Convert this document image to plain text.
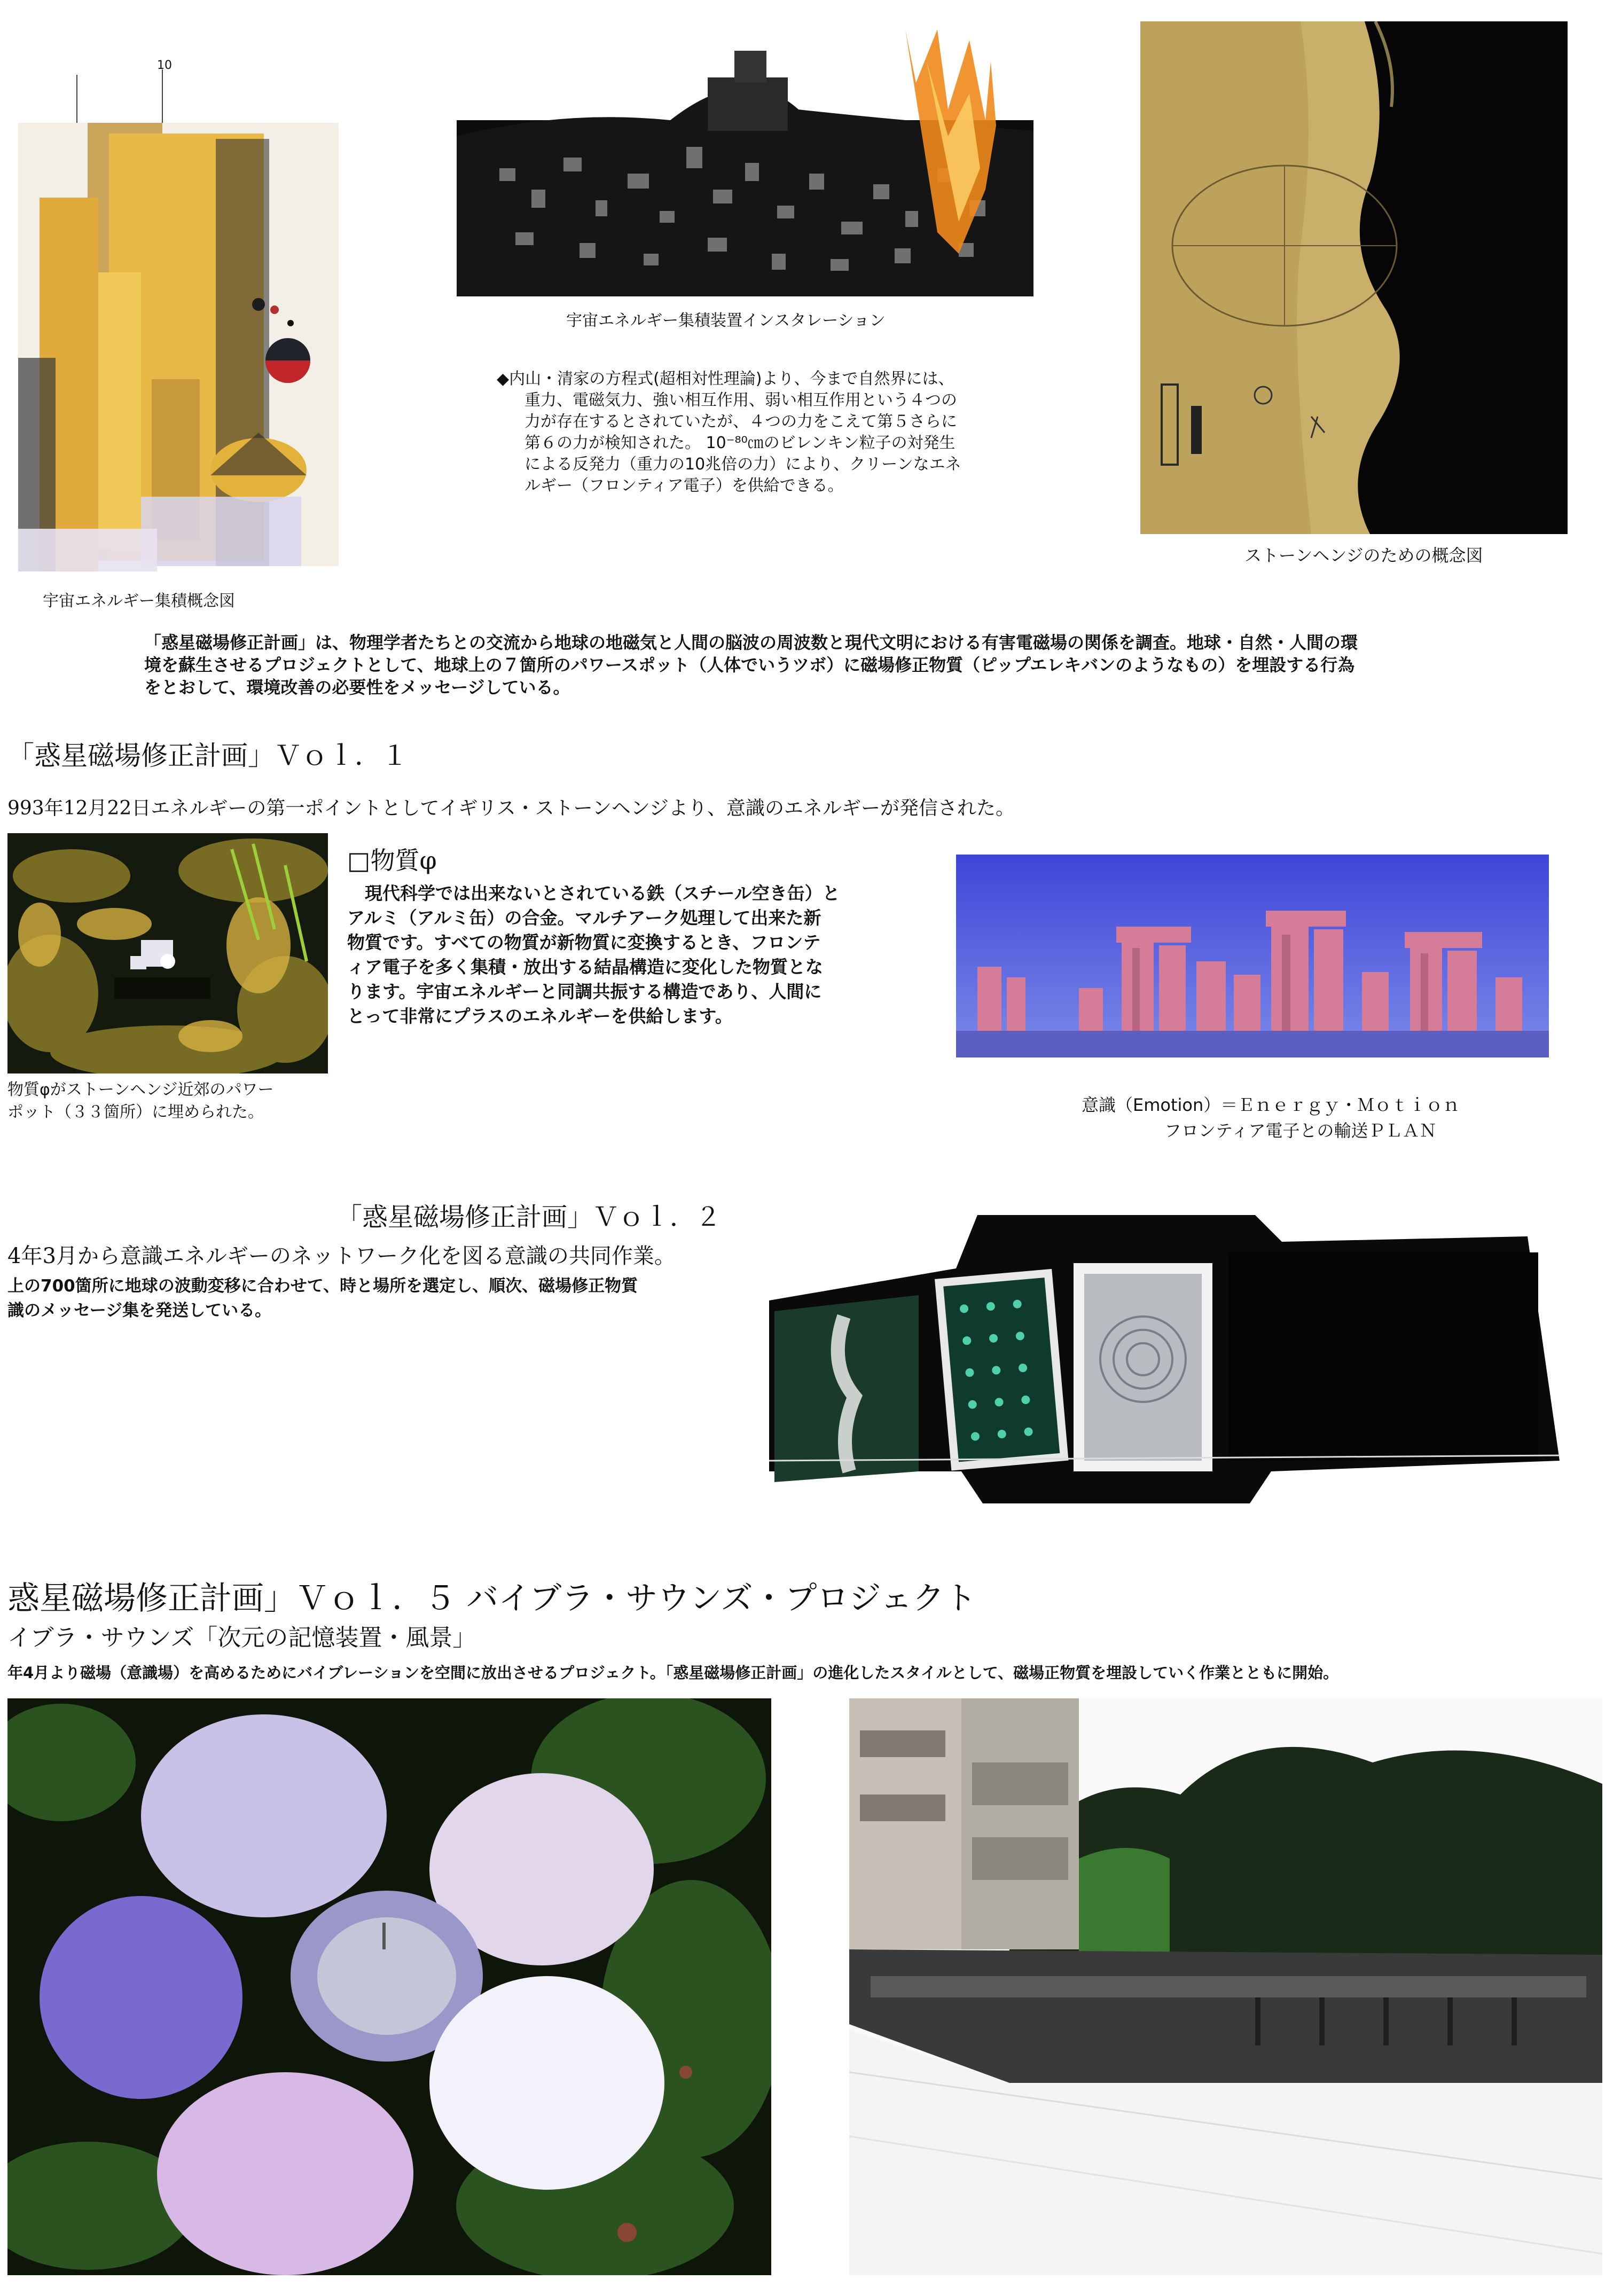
10
宇宙エネルギー集積概念図
宇宙エネルギー集積装置インスタレーション
◆内山・清家の方程式(超相対性理論)より、今まで自然界には、
重力、電磁気力、強い相互作用、弱い相互作用という４つの
力が存在するとされていたが、４つの力をこえて第５さらに
第６の力が検知された。 10⁻⁸⁰㎝のビレンキン粒子の対発生
による反発力（重力の10兆倍の力）により、クリーンなエネ
ルギー（フロンティア電子）を供給できる。
ストーンヘンジのための概念図
「惑星磁場修正計画」は、物理学者たちとの交流から地球の地磁気と人間の脳波の周波数と現代文明における有害電磁場の関係を調査。地球・自然・人間の環
境を蘇生させるプロジェクトとして、地球上の７箇所のパワースポット（人体でいうツボ）に磁場修正物質（ピップエレキバンのようなもの）を埋設する行為
をとおして、環境改善の必要性をメッセージしている。
「惑星磁場修正計画」Ｖｏｌ．１
993年12月22日エネルギーの第一ポイントとしてイギリス・ストーンヘンジより、意識のエネルギーが発信された。
物質φがストーンヘンジ近郊のパワー
ポット（３３箇所）に埋められた。
□物質φ
　現代科学では出来ないとされている鉄（スチール空き缶）と
アルミ（アルミ缶）の合金。マルチアーク処理して出来た新
物質です。すべての物質が新物質に変換するとき、フロンテ
ィア電子を多く集積・放出する結晶構造に変化した物質とな
ります。宇宙エネルギーと同調共振する構造であり、人間に
とって非常にプラスのエネルギーを供給します。
意識（Emotion）＝Ｅｎｅｒｇｙ・Ｍｏｔｉｏｎ
フロンティア電子との輸送ＰＬＡＮ
「惑星磁場修正計画」Ｖｏｌ．２
4年3月から意識エネルギーのネットワーク化を図る意識の共同作業。
上の700箇所に地球の波動変移に合わせて、時と場所を選定し、順次、磁場修正物質
識のメッセージ集を発送している。
惑星磁場修正計画」Ｖｏｌ．５ バイブラ・サウンズ・プロジェクト
イブラ・サウンズ「次元の記憶装置・風景」
年4月より磁場（意識場）を高めるためにバイブレーションを空間に放出させるプロジェクト。「惑星磁場修正計画」の進化したスタイルとして、磁場正物質を埋設していく作業とともに開始。
